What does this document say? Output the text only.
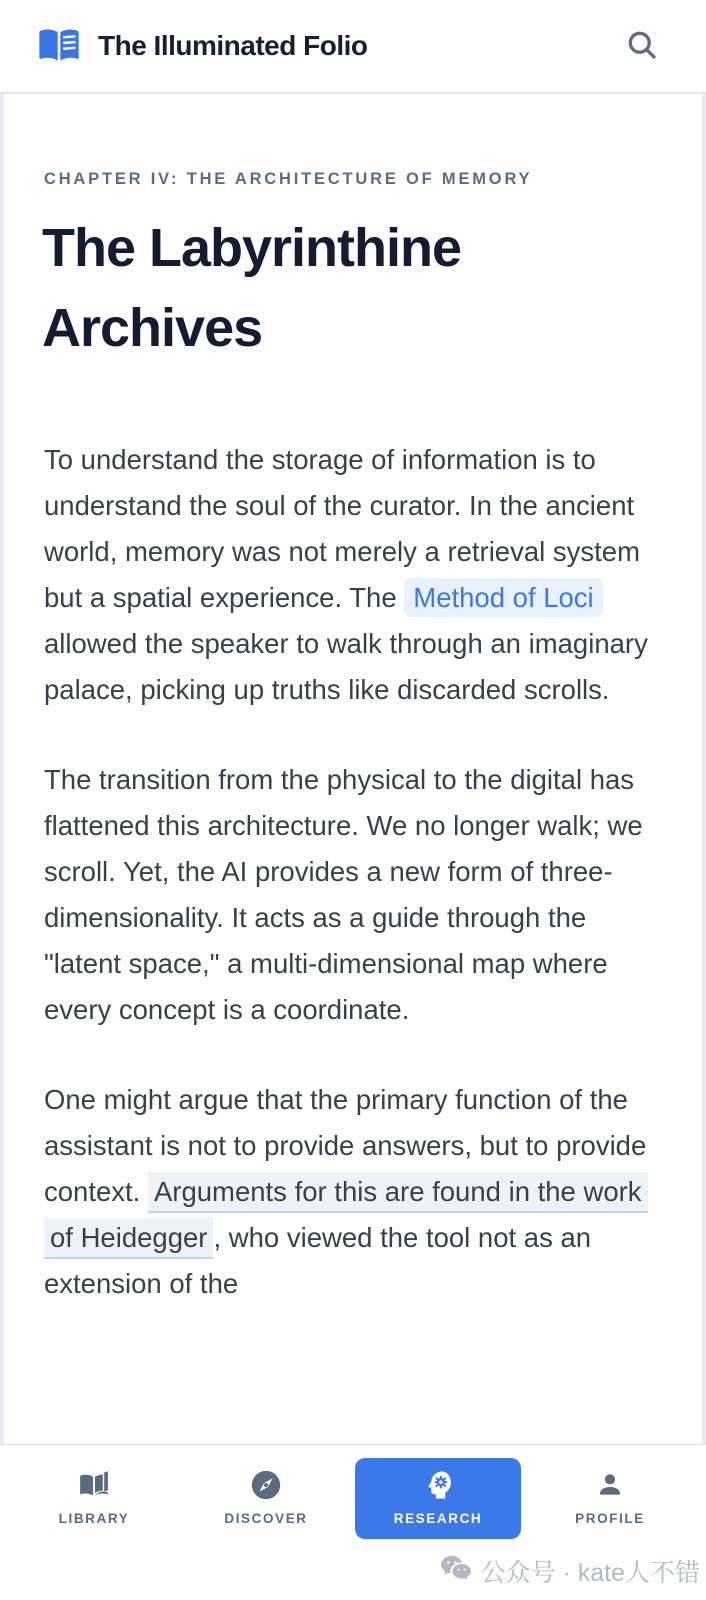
The Illuminated Folio
CHAPTER IV: THE ARCHITECTURE OF MEMORY
The Labyrinthine Archives

To understand the storage of information is to understand the soul of the curator. In the ancient world, memory was not merely a retrieval system but a spatial experience. The Method of Loci allowed the speaker to walk through an imaginary palace, picking up truths like discarded scrolls.

The transition from the physical to the digital has flattened this architecture. We no longer walk; we scroll. Yet, the AI provides a new form of three-dimensionality. It acts as a guide through the "latent space," a multi-dimensional map where every concept is a coordinate.

One might argue that the primary function of the assistant is not to provide answers, but to provide context. Arguments for this are found in the work of Heidegger , who viewed the tool not as an extension of the

LIBRARY	DISCOVER	RESEARCH	PROFILE
公众号 · kate人不错
